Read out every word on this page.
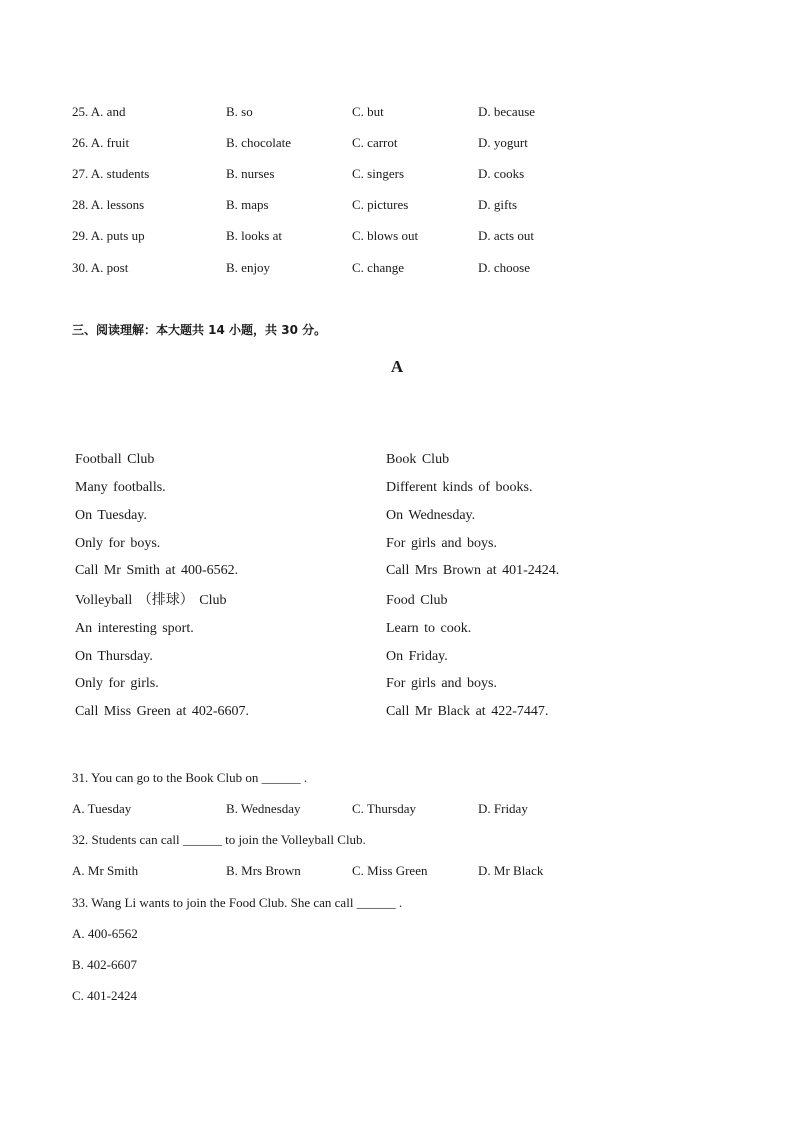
25. A. and	B. so	C. but	D. because
26. A. fruit	B. chocolate	C. carrot	D. yogurt
27. A. students	B. nurses	C. singers	D. cooks
28. A. lessons	B. maps	C. pictures	D. gifts
29. A. puts up	B. looks at	C. blows out	D. acts out
30. A. post	B. enjoy	C. change	D. choose
三、阅读理解：本大题共 14 小题，共 30 分。
A
Football Club
Many footballs.
On Tuesday.
Only for boys.
Call Mr Smith at 400-6562.
Volleyball （排球） Club
An interesting sport.
On Thursday.
Only for girls.
Call Miss Green at 402-6607.
Book Club
Different kinds of books.
On Wednesday.
For girls and boys.
Call Mrs Brown at 401-2424.
Food Club
Learn to cook.
On Friday.
For girls and boys.
Call Mr Black at 422-7447.
31. You can go to the Book Club on ______ .
A. Tuesday	B. Wednesday	C. Thursday	D. Friday
32. Students can call ______ to join the Volleyball Club.
A. Mr Smith	B. Mrs Brown	C. Miss Green	D. Mr Black
33. Wang Li wants to join the Food Club. She can call ______ .
A. 400-6562
B. 402-6607
C. 401-2424
